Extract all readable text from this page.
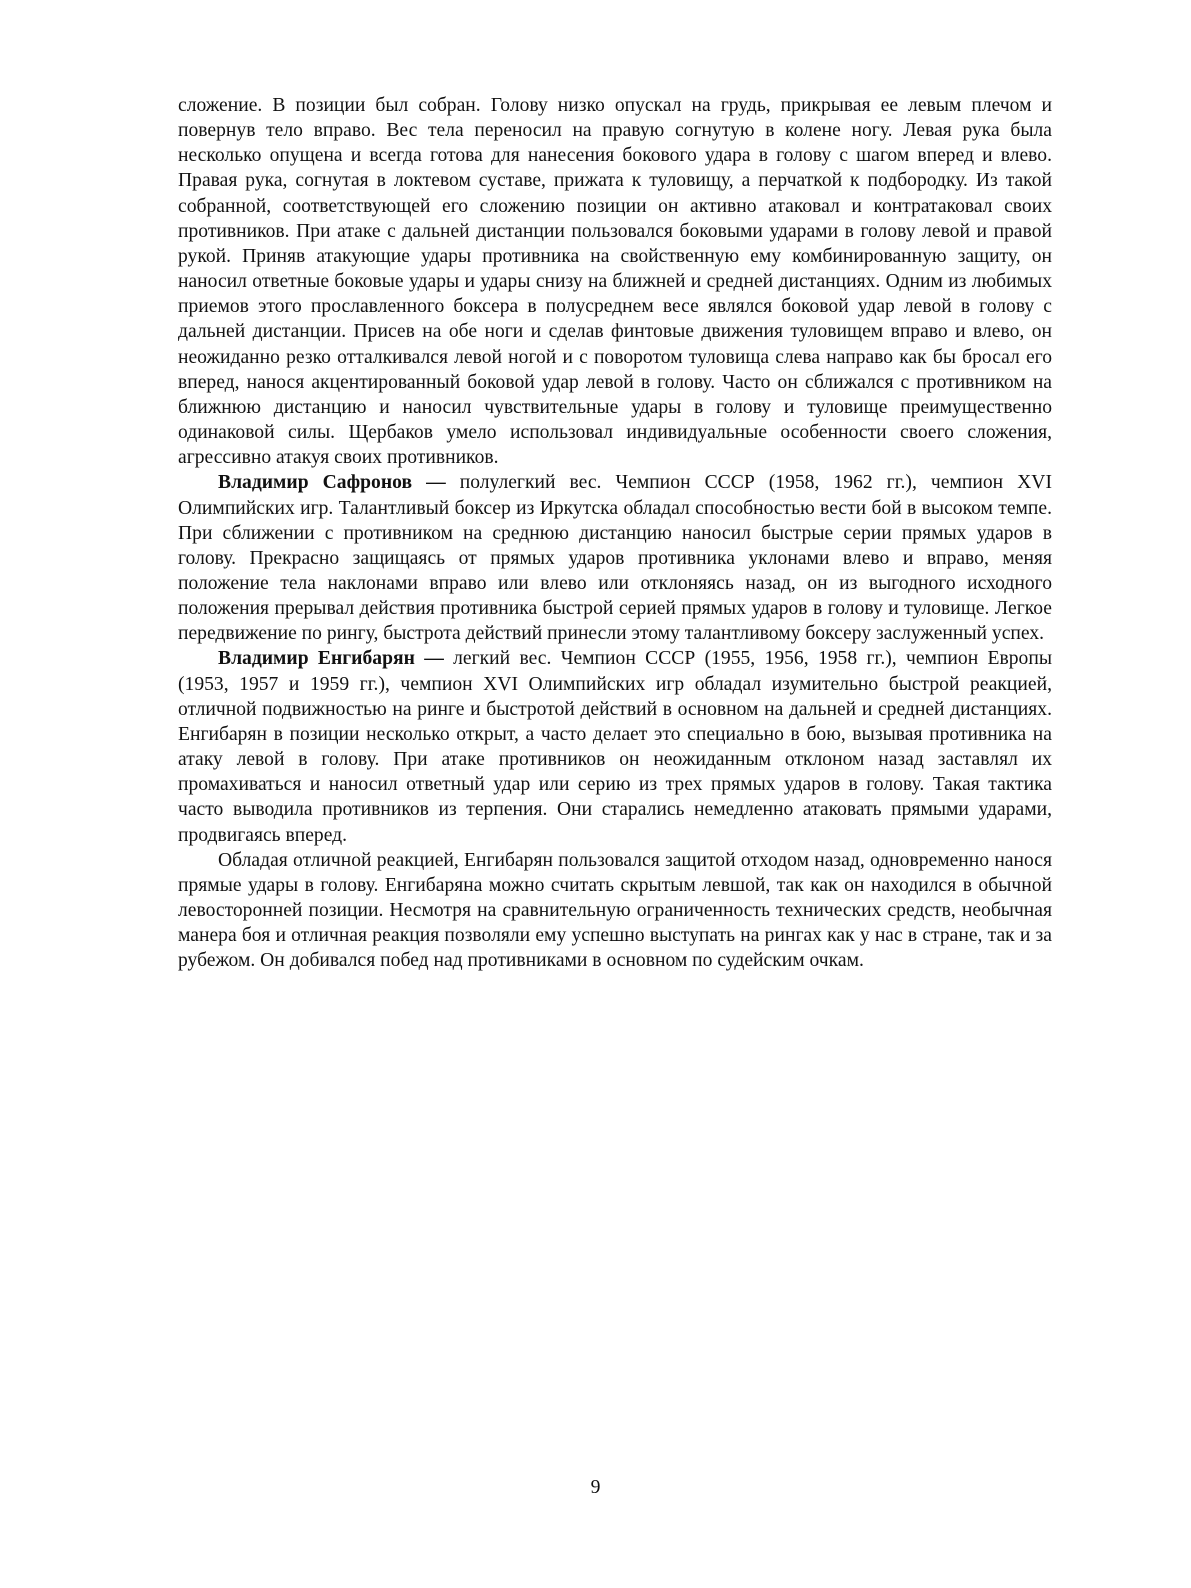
сложение. В позиции был собран. Голову низко опускал на грудь, прикрывая ее левым плечом и повернув тело вправо. Вес тела переносил на правую согнутую в колене ногу. Левая рука была несколько опущена и всегда готова для нанесения бокового удара в голову с шагом вперед и влево. Правая рука, согнутая в локтевом суставе, прижата к туловищу, а перчаткой к подбородку. Из такой собранной, соответствующей его сложению позиции он активно атаковал и контратаковал своих противников. При атаке с дальней дистанции пользовался боковыми ударами в голову левой и правой рукой. Приняв атакующие удары противника на свойственную ему комбинированную защиту, он наносил ответные боковые удары и удары снизу на ближней и средней дистанциях. Одним из любимых приемов этого прославленного боксера в полусреднем весе являлся боковой удар левой в голову с дальней дистанции. Присев на обе ноги и сделав финтовые движения туловищем вправо и влево, он неожиданно резко отталкивался левой ногой и с поворотом туловища слева направо как бы бросал его вперед, нанося акцентированный боковой удар левой в голову. Часто он сближался с противником на ближнюю дистанцию и наносил чувствительные удары в голову и туловище преимущественно одинаковой силы. Щербаков умело использовал индивидуальные особенности своего сложения, агрессивно атакуя своих противников.

Владимир Сафронов — полулегкий вес. Чемпион СССР (1958, 1962 гг.), чемпион XVI Олимпийских игр. Талантливый боксер из Иркутска обладал способностью вести бой в высоком темпе. При сближении с противником на среднюю дистанцию наносил быстрые серии прямых ударов в голову. Прекрасно защищаясь от прямых ударов противника уклонами влево и вправо, меняя положение тела наклонами вправо или влево или отклоняясь назад, он из выгодного исходного положения прерывал действия противника быстрой серией прямых ударов в голову и туловище. Легкое передвижение по рингу, быстрота действий принесли этому талантливому боксеру заслуженный успех.

Владимир Енгибарян — легкий вес. Чемпион СССР (1955, 1956, 1958 гг.), чемпион Европы (1953, 1957 и 1959 гг.), чемпион XVI Олимпийских игр обладал изумительно быстрой реакцией, отличной подвижностью на ринге и быстротой действий в основном на дальней и средней дистанциях. Енгибарян в позиции несколько открыт, а часто делает это специально в бою, вызывая противника на атаку левой в голову. При атаке противников он неожиданным отклоном назад заставлял их промахиваться и наносил ответный удар или серию из трех прямых ударов в голову. Такая тактика часто выводила противников из терпения. Они старались немедленно атаковать прямыми ударами, продвигаясь вперед.

Обладая отличной реакцией, Енгибарян пользовался защитой отходом назад, одновременно нанося прямые удары в голову. Енгибаряна можно считать скрытым левшой, так как он находился в обычной левосторонней позиции. Несмотря на сравнительную ограниченность технических средств, необычная манера боя и отличная реакция позволяли ему успешно выступать на рингах как у нас в стране, так и за рубежом. Он добивался побед над противниками в основном по судейским очкам.

9
